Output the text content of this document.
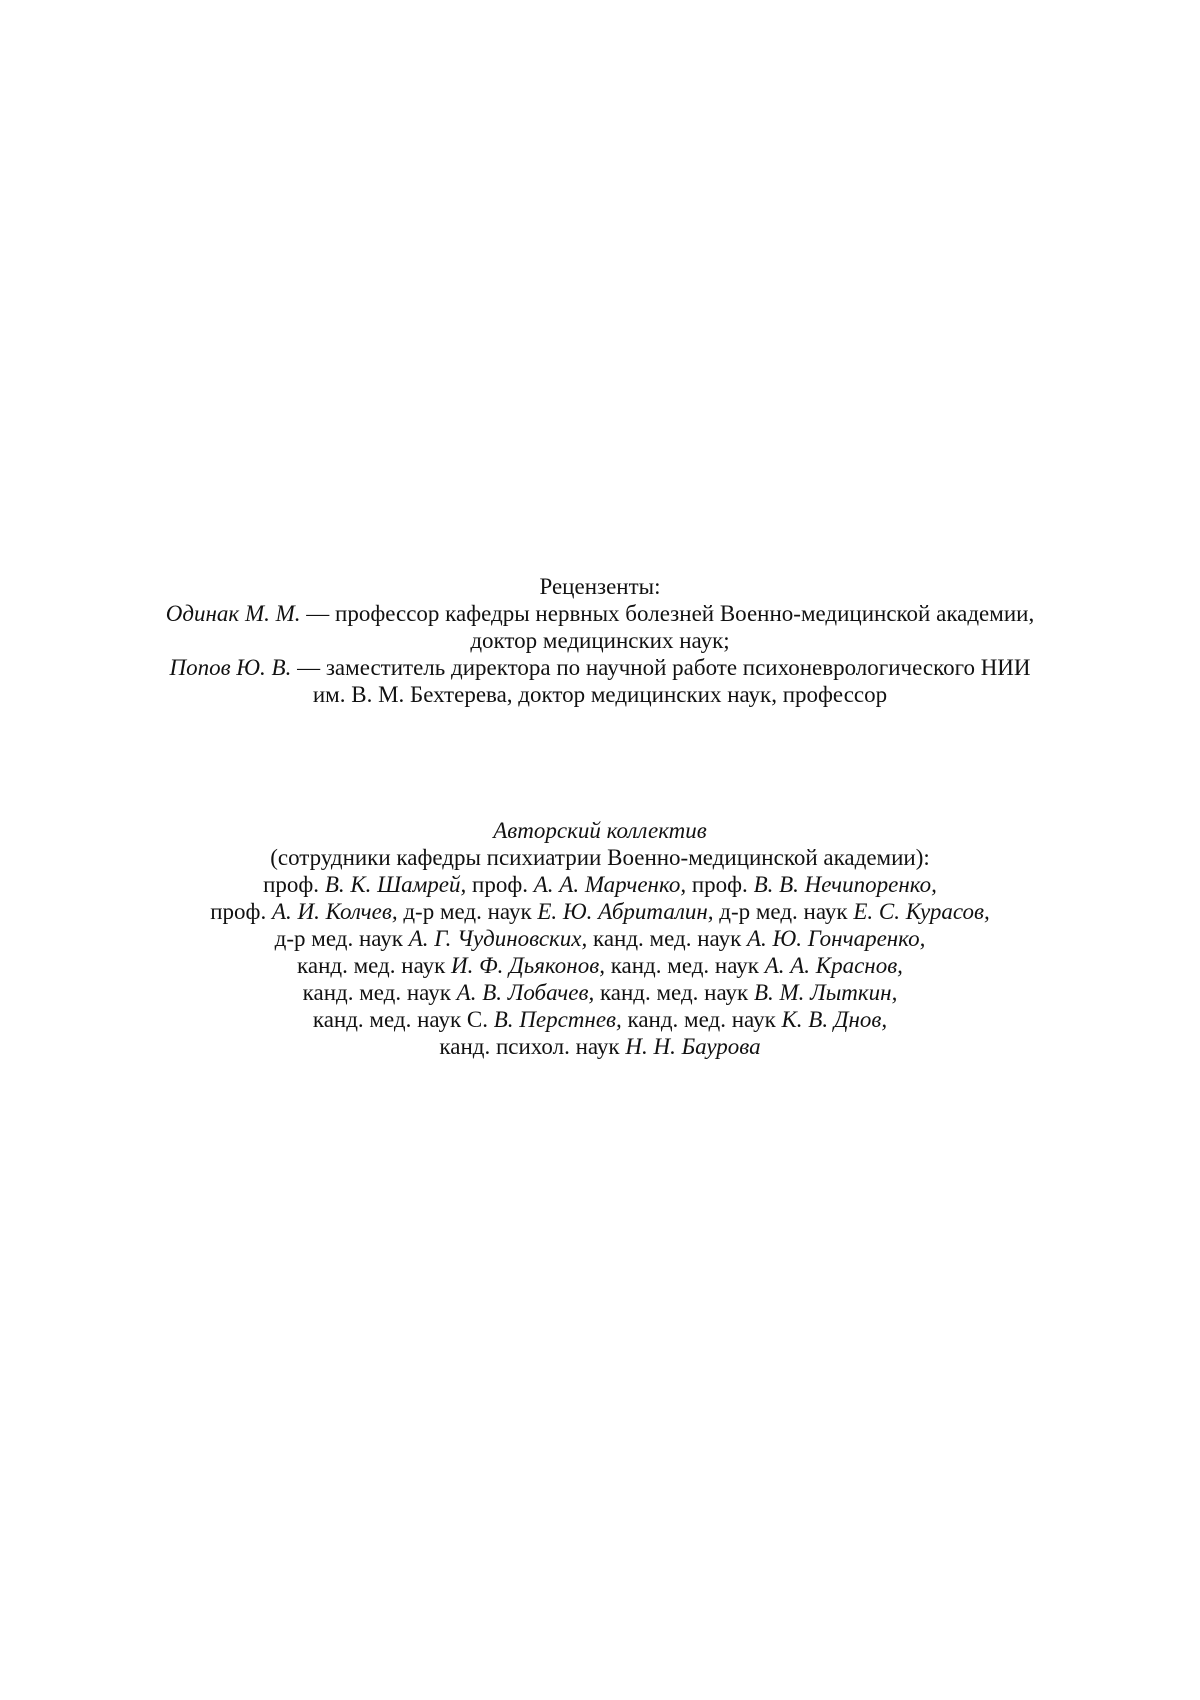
Рецензенты:
Одинак М. М. — профессор кафедры нервных болезней Военно-медицинской академии,
доктор медицинских наук;
Попов Ю. В. — заместитель директора по научной работе психоневрологического НИИ
им. В. М. Бехтерева, доктор медицинских наук, профессор
Авторский коллектив
(сотрудники кафедры психиатрии Военно-медицинской академии):
проф. В. К. Шамрей, проф. А. А. Марченко, проф. В. В. Нечипоренко,
проф. А. И. Колчев, д-р мед. наук Е. Ю. Абриталин, д-р мед. наук Е. С. Курасов,
д-р мед. наук А. Г. Чудиновских, канд. мед. наук А. Ю. Гончаренко,
канд. мед. наук И. Ф. Дьяконов, канд. мед. наук А. А. Краснов,
канд. мед. наук А. В. Лобачев, канд. мед. наук В. М. Лыткин,
канд. мед. наук С. В. Перстнев, канд. мед. наук К. В. Днов,
канд. психол. наук Н. Н. Баурова
